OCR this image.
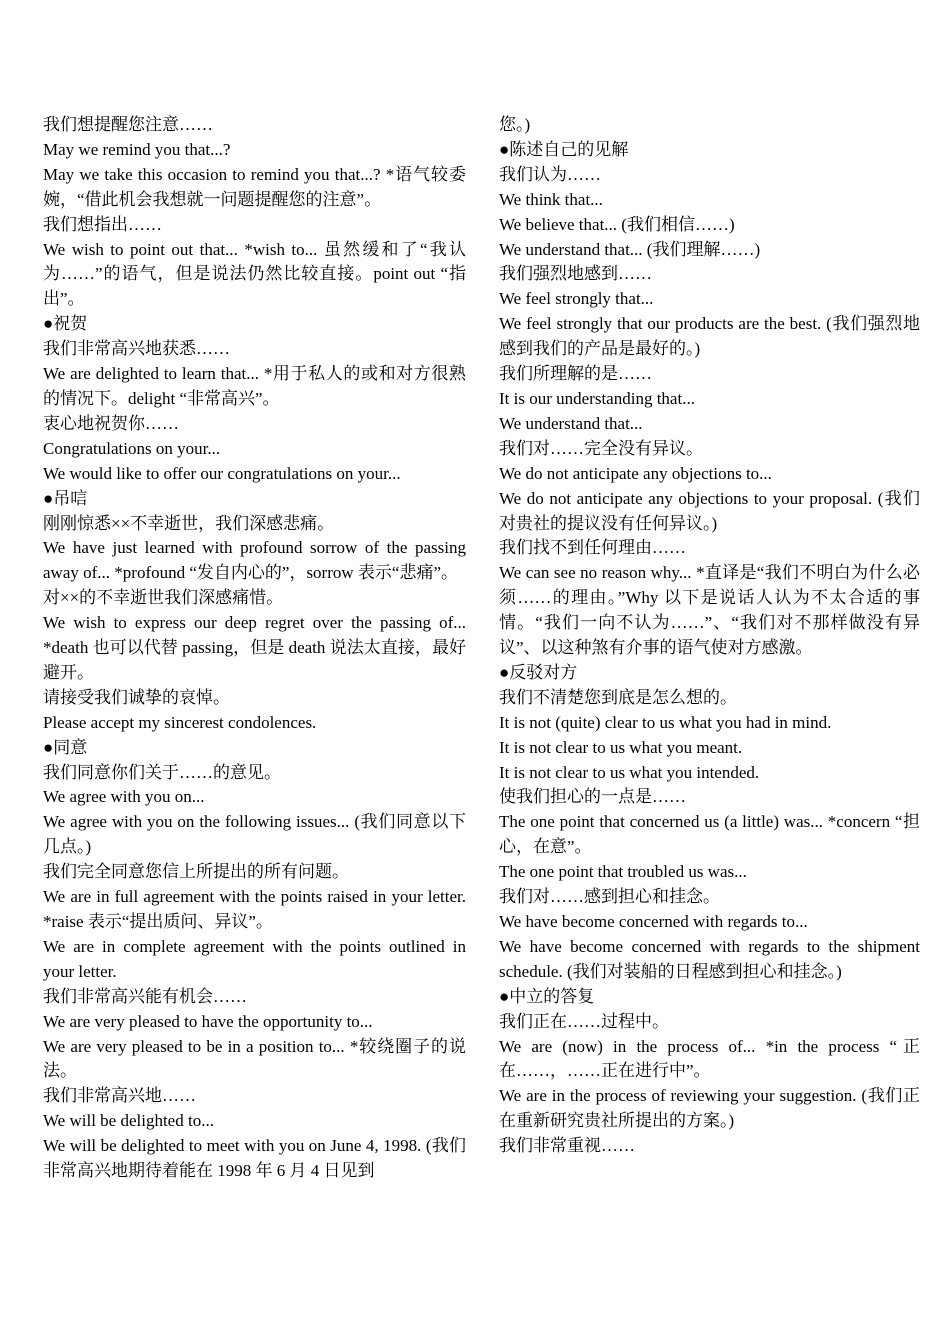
我们想提醒您注意……

May we remind you that...?

May we take this occasion to remind you that...? *语气较委婉，“借此机会我想就一问题提醒您的注意”。

我们想指出……

We wish to point out that... *wish to... 虽然缓和了“我认为……”的语气，但是说法仍然比较直接。point out “指出”。

●祝贺

我们非常高兴地获悉……

We are delighted to learn that... *用于私人的或和对方很熟的情况下。delight “非常高兴”。

衷心地祝贺你……

Congratulations on your...

We would like to offer our congratulations on your...

●吊唁

刚刚惊悉××不幸逝世，我们深感悲痛。

We have just learned with profound sorrow of the passing away of... *profound “发自内心的”，sorrow 表示“悲痛”。

对××的不幸逝世我们深感痛惜。

We wish to express our deep regret over the passing of... *death 也可以代替 passing，但是 death 说法太直接，最好避开。

请接受我们诚挚的哀悼。

Please accept my sincerest condolences.

●同意

我们同意你们关于……的意见。

We agree with you on...

We agree with you on the following issues... (我们同意以下几点。)

我们完全同意您信上所提出的所有问题。

We are in full agreement with the points raised in your letter. *raise 表示“提出质问、异议”。

We are in complete agreement with the points outlined in your letter.

我们非常高兴能有机会……

We are very pleased to have the opportunity to...

We are very pleased to be in a position to... *较绕圈子的说法。

我们非常高兴地……

We will be delighted to...

We will be delighted to meet with you on June 4, 1998. (我们非常高兴地期待着能在 1998 年 6 月 4 日见到

您。)

●陈述自己的见解

我们认为……

We think that...

We believe that... (我们相信……)

We understand that... (我们理解……)

我们强烈地感到……

We feel strongly that...

We feel strongly that our products are the best. (我们强烈地感到我们的产品是最好的。)

我们所理解的是……

It is our understanding that...

We understand that...

我们对……完全没有异议。

We do not anticipate any objections to...

We do not anticipate any objections to your proposal. (我们对贵社的提议没有任何异议。)

我们找不到任何理由……

We can see no reason why... *直译是“我们不明白为什么必须……的理由。”Why 以下是说话人认为不太合适的事情。“我们一向不认为……”、“我们对不那样做没有异议”、以这种煞有介事的语气使对方感激。

●反驳对方

我们不清楚您到底是怎么想的。

It is not (quite) clear to us what you had in mind.

It is not clear to us what you meant.

It is not clear to us what you intended.

使我们担心的一点是……

The one point that concerned us (a little) was... *concern “担心，在意”。

The one point that troubled us was...

我们对……感到担心和挂念。

We have become concerned with regards to...

We have become concerned with regards to the shipment schedule. (我们对装船的日程感到担心和挂念。)

●中立的答复

我们正在……过程中。

We are (now) in the process of... *in the process “正在……，……正在进行中”。

We are in the process of reviewing your suggestion. (我们正在重新研究贵社所提出的方案。)

我们非常重视……
